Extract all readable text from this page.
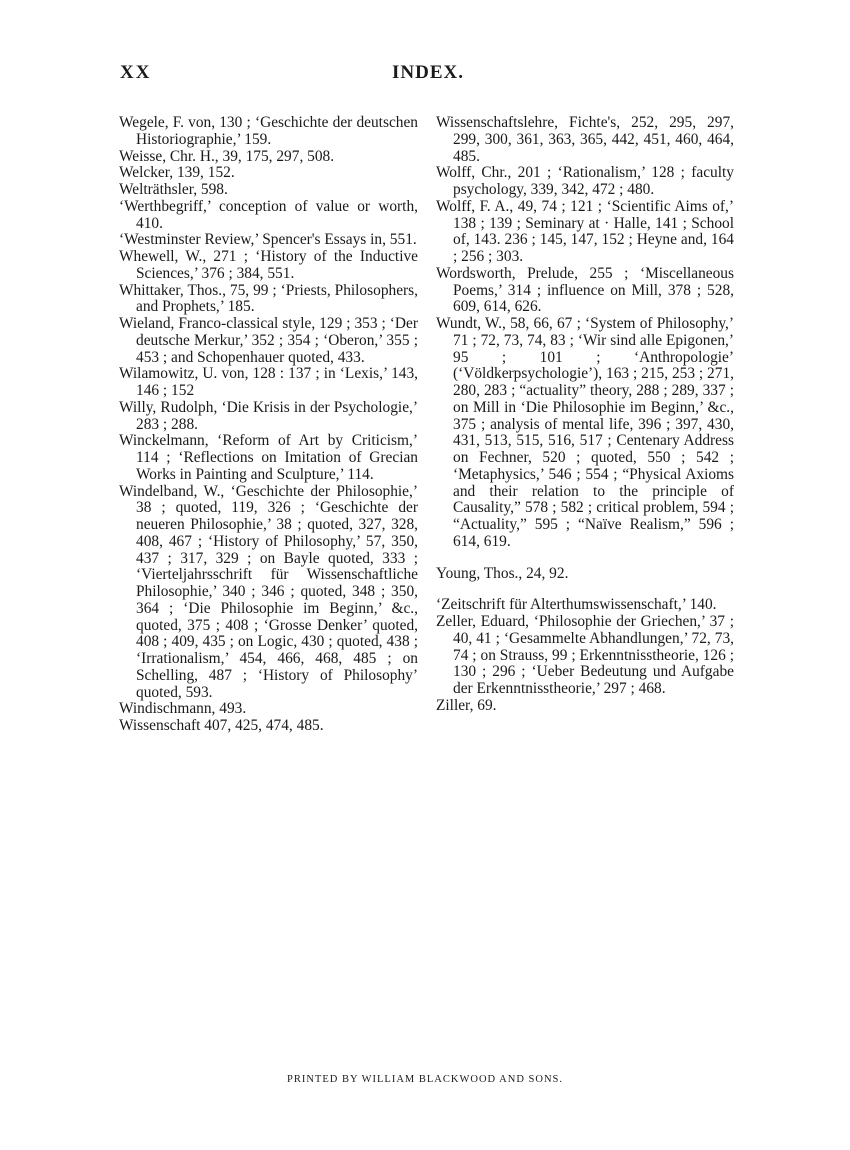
XX	INDEX.

Wegele, F. von, 130 ; ‘Geschichte der deutschen Historiographie,’ 159.

Weisse, Chr. H., 39, 175, 297, 508.

Welcker, 139, 152.

Welträthsler, 598.

‘Werthbegriff,’ conception of value or worth, 410.

‘Westminster Review,’ Spencer's Essays in, 551.

Whewell, W., 271 ; ‘History of the Inductive Sciences,’ 376 ; 384, 551.

Whittaker, Thos., 75, 99 ; ‘Priests, Philosophers, and Prophets,’ 185.

Wieland, Franco-classical style, 129 ; 353 ; ‘Der deutsche Merkur,’ 352 ; 354 ; ‘Oberon,’ 355 ; 453 ; and Schopenhauer quoted, 433.

Wilamowitz, U. von, 128 : 137 ; in ‘Lexis,’ 143, 146 ; 152

Willy, Rudolph, ‘Die Krisis in der Psychologie,’ 283 ; 288.

Winckelmann, ‘Reform of Art by Criticism,’ 114 ; ‘Reflections on Imitation of Grecian Works in Painting and Sculpture,’ 114.

Windelband, W., ‘Geschichte der Philosophie,’ 38 ; quoted, 119, 326 ; ‘Geschichte der neueren Philosophie,’ 38 ; quoted, 327, 328, 408, 467 ; ‘History of Philosophy,’ 57, 350, 437 ; 317, 329 ; on Bayle quoted, 333 ; ‘Vierteljahrsschrift für Wissenschaftliche Philosophie,’ 340 ; 346 ; quoted, 348 ; 350, 364 ; ‘Die Philosophie im Beginn,’ &c., quoted, 375 ; 408 ; ‘Grosse Denker’ quoted, 408 ; 409, 435 ; on Logic, 430 ; quoted, 438 ; ‘Irrationalism,’ 454, 466, 468, 485 ; on Schelling, 487 ; ‘History of Philosophy’ quoted, 593.

Windischmann, 493.

Wissenschaft 407, 425, 474, 485.

Wissenschaftslehre, Fichte's, 252, 295, 297, 299, 300, 361, 363, 365, 442, 451, 460, 464, 485.

Wolff, Chr., 201 ; ‘Rationalism,’ 128 ; faculty psychology, 339, 342, 472 ; 480.

Wolff, F. A., 49, 74 ; 121 ; ‘Scientific Aims of,’ 138 ; 139 ; Seminary at · Halle, 141 ; School of, 143. 236 ; 145, 147, 152 ; Heyne and, 164 ; 256 ; 303.

Wordsworth, Prelude, 255 ; ‘Miscellaneous Poems,’ 314 ; influence on Mill, 378 ; 528, 609, 614, 626.

Wundt, W., 58, 66, 67 ; ‘System of Philosophy,’ 71 ; 72, 73, 74, 83 ; ‘Wir sind alle Epigonen,’ 95 ; 101 ; ‘Anthropologie’ (‘Völdkerpsychologie’), 163 ; 215, 253 ; 271, 280, 283 ; “actuality” theory, 288 ; 289, 337 ; on Mill in ‘Die Philosophie im Beginn,’ &c., 375 ; analysis of mental life, 396 ; 397, 430, 431, 513, 515, 516, 517 ; Centenary Address on Fechner, 520 ; quoted, 550 ; 542 ; ‘Metaphysics,’ 546 ; 554 ; “Physical Axioms and their relation to the principle of Causality,” 578 ; 582 ; critical problem, 594 ; “Actuality,” 595 ; “Naïve Realism,” 596 ; 614, 619.

Young, Thos., 24, 92.

‘Zeitschrift für Alterthumswissenschaft,’ 140.

Zeller, Eduard, ‘Philosophie der Griechen,’ 37 ; 40, 41 ; ‘Gesammelte Abhandlungen,’ 72, 73, 74 ; on Strauss, 99 ; Erkenntnisstheorie, 126 ; 130 ; 296 ; ‘Ueber Bedeutung und Aufgabe der Erkenntnisstheorie,’ 297 ; 468.

Ziller, 69.

PRINTED BY WILLIAM BLACKWOOD AND SONS.
